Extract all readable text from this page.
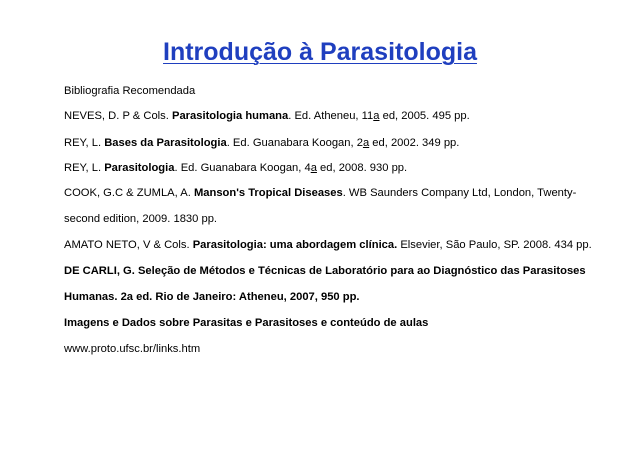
Introdução à Parasitologia
Bibliografia Recomendada
NEVES, D. P & Cols. Parasitologia humana. Ed. Atheneu, 11a ed, 2005. 495 pp.
REY, L. Bases da Parasitologia. Ed. Guanabara Koogan, 2a ed, 2002. 349 pp.
REY, L. Parasitologia. Ed. Guanabara Koogan, 4a ed, 2008. 930 pp.
COOK, G.C & ZUMLA, A. Manson's Tropical Diseases. WB Saunders Company Ltd, London, Twenty-
second edition, 2009. 1830 pp.
AMATO NETO, V & Cols. Parasitologia: uma abordagem clínica. Elsevier, São Paulo, SP. 2008. 434 pp.
DE CARLI, G. Seleção de Métodos e Técnicas de Laboratório para ao Diagnóstico das Parasitoses
Humanas. 2a ed. Rio de Janeiro: Atheneu, 2007, 950 pp.
Imagens e Dados sobre Parasitas e Parasitoses e conteúdo de aulas
www.proto.ufsc.br/links.htm
